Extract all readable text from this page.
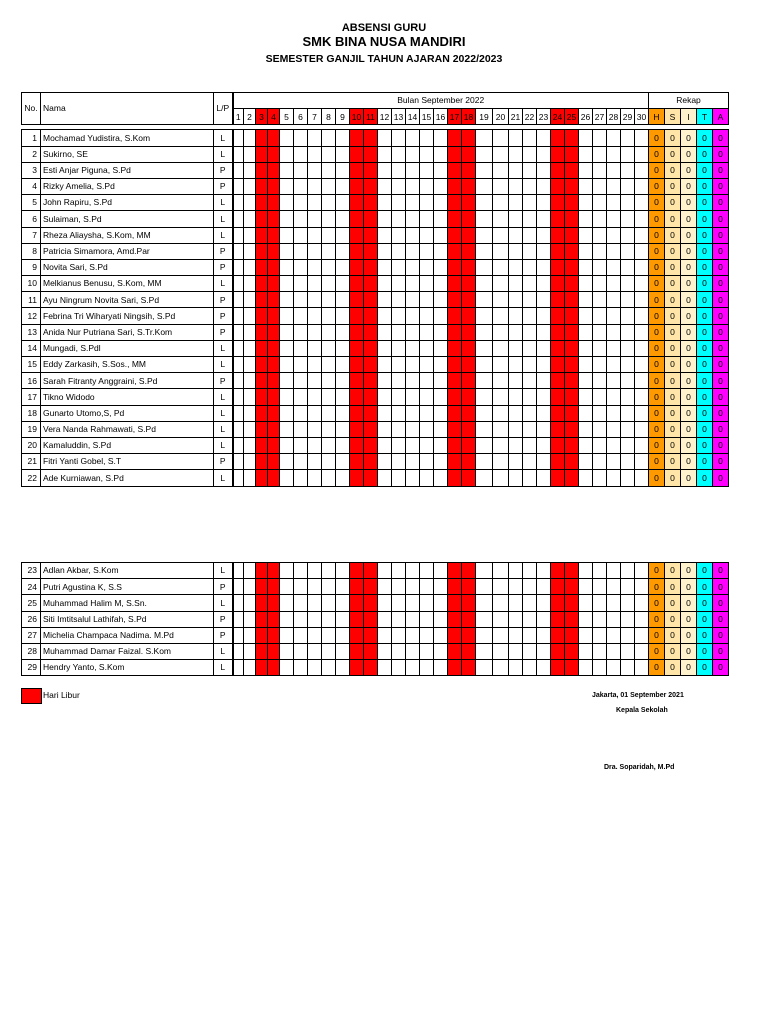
ABSENSI GURU
SMK BINA NUSA MANDIRI
SEMESTER GANJIL TAHUN AJARAN 2022/2023
No.	Nama	L/P	Bulan September 2022																														Rekap				
			1	2	3	4	5	6	7	8	9	10	11	12	13	14	15	16	17	18	19	20	21	22	23	24	25	26	27	28	29	30	H	S	I	T	A

1	Mochamad Yudistira, S.Kom	L																															0	0	0	0	0
2	Sukirno, SE	L																															0	0	0	0	0
3	Esti Anjar Piguna, S.Pd	P																															0	0	0	0	0
4	Rizky Amelia, S.Pd	P																															0	0	0	0	0
5	John Rapiru, S.Pd	L																															0	0	0	0	0
6	Sulaiman, S.Pd	L																															0	0	0	0	0
7	Rheza Aliaysha, S.Kom, MM	L																															0	0	0	0	0
8	Patricia Simamora, Amd.Par	P																															0	0	0	0	0
9	Novita Sari, S.Pd	P																															0	0	0	0	0
10	Melkianus Benusu, S.Kom, MM	L																															0	0	0	0	0
11	Ayu Ningrum Novita Sari, S.Pd	P																															0	0	0	0	0
12	Febrina Tri Wiharyati Ningsih, S.Pd	P																															0	0	0	0	0
13	Anida Nur Putriana Sari, S.Tr.Kom	P																															0	0	0	0	0
14	Mungadi, S.Pdl	L																															0	0	0	0	0
15	Eddy Zarkasih, S.Sos., MM	L																															0	0	0	0	0
16	Sarah Fitranty Anggraini, S.Pd	P																															0	0	0	0	0
17	Tikno Widodo	L																															0	0	0	0	0
18	Gunarto Utomo,S, Pd	L																															0	0	0	0	0
19	Vera Nanda Rahmawati, S.Pd	L																															0	0	0	0	0
20	Kamaluddin, S.Pd	L																															0	0	0	0	0
21	Fitri Yanti Gobel, S.T	P																															0	0	0	0	0
22	Ade Kurniawan, S.Pd	L																															0	0	0	0	0
23	Adlan Akbar, S.Kom	L																															0	0	0	0	0
24	Putri Agustina K, S.S	P																															0	0	0	0	0
25	Muhammad Halim M, S.Sn.	L																															0	0	0	0	0
26	Siti Imtitsalul Lathifah, S.Pd	P																															0	0	0	0	0
27	Michelia Champaca Nadima. M.Pd	P																															0	0	0	0	0
28	Muhammad Damar Faizal. S.Kom	L																															0	0	0	0	0
29	Hendry Yanto, S.Kom	L																															0	0	0	0	0
Hari Libur	Jakarta, 01 September 2021
Kepala Sekolah
Dra. Soparidah, M.Pd
